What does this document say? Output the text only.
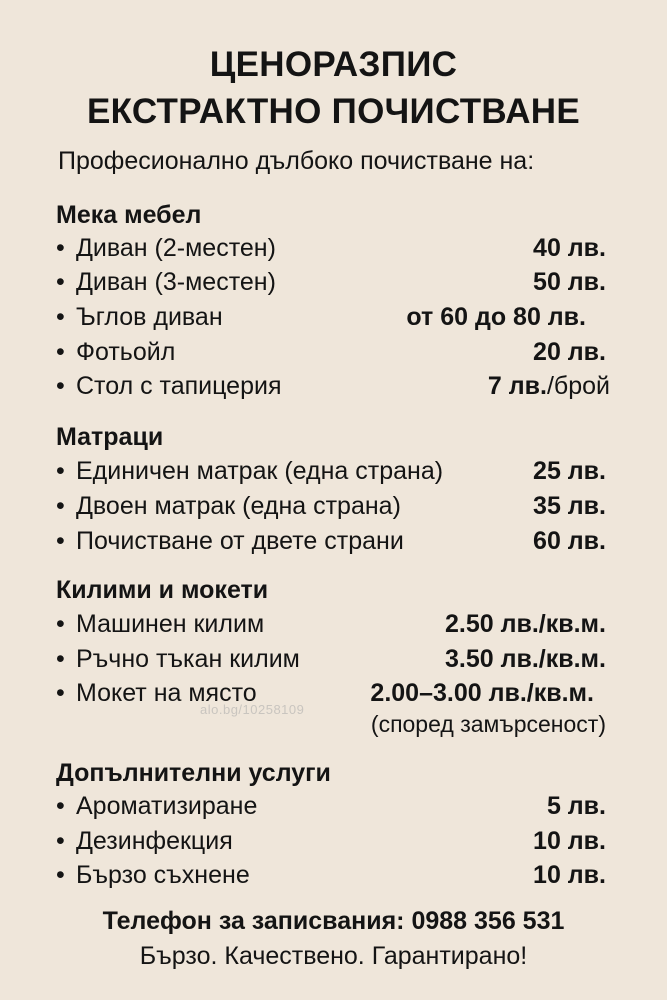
ЦЕНОРАЗПИС
ЕКСТРАКТНО ПОЧИСТВАНЕ
Професионално дълбоко почистване на:
Мека мебел
• Диван (2-местен)	40 лв.
• Диван (3-местен)	50 лв.
• Ъглов диван	от 60 до 80 лв.
• Фотьойл	20 лв.
• Стол с тапицерия	7 лв./брой
Матраци
• Единичен матрак (една страна)	25 лв.
• Двоен матрак (една страна)	35 лв.
• Почистване от двете страни	60 лв.
Килими и мокети
• Машинен килим	2.50 лв./кв.м.
• Ръчно тъкан килим	3.50 лв./кв.м.
• Мокет на място	2.00–3.00 лв./кв.м.
alo.bg/10258109
(според замърсеност)
Допълнителни услуги
• Ароматизиране	5 лв.
• Дезинфекция	10 лв.
• Бързо съхнене	10 лв.
Телефон за записвания: 0988 356 531
Бързо. Качествено. Гарантирано!
